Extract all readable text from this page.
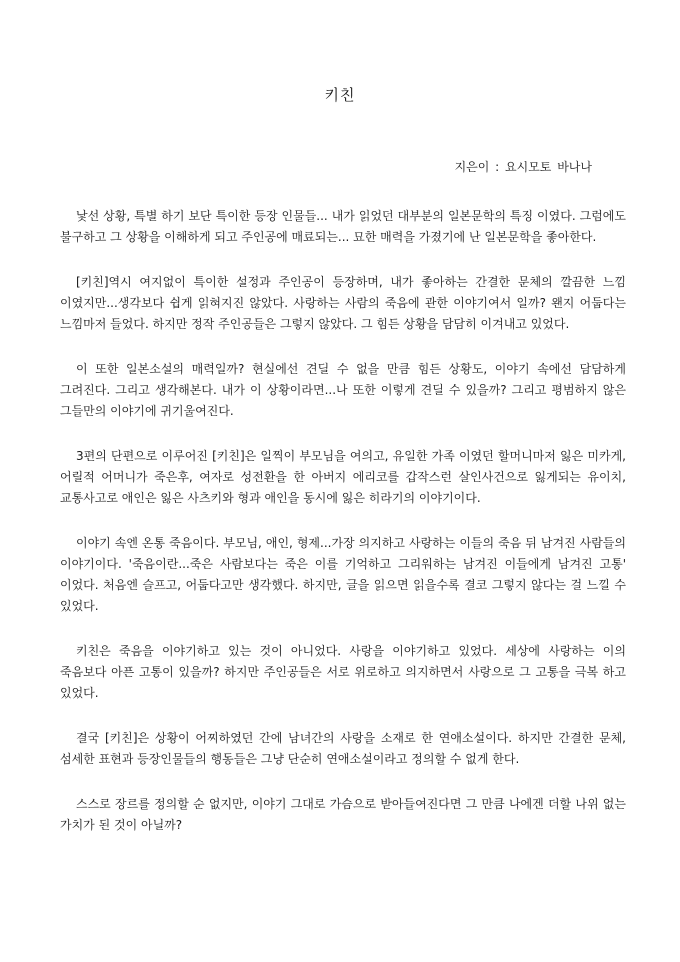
키친
지은이 : 요시모토 바나나

낯선 상황, 특별 하기 보단 특이한 등장 인물들... 내가 읽었던 대부분의 일본문학의 특징 이였다. 그럼에도 불구하고 그 상황을 이해하게 되고 주인공에 매료되는... 묘한 매력을 가졌기에 난 일본문학을 좋아한다.

[키친]역시 여지없이 특이한 설정과 주인공이 등장하며, 내가 좋아하는 간결한 문체의 깔끔한 느낌 이였지만...생각보다 쉽게 읽혀지진 않았다. 사랑하는 사람의 죽음에 관한 이야기여서 일까? 왠지 어둡다는 느낌마저 들었다. 하지만 정작 주인공들은 그렇지 않았다. 그 힘든 상황을 담담히 이겨내고 있었다.

이 또한 일본소설의 매력일까? 현실에선 견딜 수 없을 만큼 힘든 상황도, 이야기 속에선 담담하게 그려진다. 그리고 생각해본다. 내가 이 상황이라면...나 또한 이렇게 견딜 수 있을까? 그리고 평범하지 않은 그들만의 이야기에 귀기울여진다.

3편의 단편으로 이루어진 [키친]은 일찍이 부모님을 여의고, 유일한 가족 이였던 할머니마저 잃은 미카게, 어릴적 어머니가 죽은후, 여자로 성전환을 한 아버지 에리코를 갑작스런 살인사건으로 잃게되는 유이치, 교통사고로 애인은 잃은 사츠키와 형과 애인을 동시에 잃은 히라기의 이야기이다.

이야기 속엔 온통 죽음이다. 부모님, 애인, 형제...가장 의지하고 사랑하는 이들의 죽음 뒤 남겨진 사람들의 이야기이다. '죽음이란...죽은 사람보다는 죽은 이를 기억하고 그리워하는 남겨진 이들에게 남겨진 고통' 이었다. 처음엔 슬프고, 어둡다고만 생각했다. 하지만, 글을 읽으면 읽을수록 결코 그렇지 않다는 걸 느낄 수 있었다.

키친은 죽음을 이야기하고 있는 것이 아니었다. 사랑을 이야기하고 있었다. 세상에 사랑하는 이의 죽음보다 아픈 고통이 있을까? 하지만 주인공들은 서로 위로하고 의지하면서 사랑으로 그 고통을 극복 하고 있었다.

결국 [키친]은 상황이 어찌하였던 간에 남녀간의 사랑을 소재로 한 연애소설이다. 하지만 간결한 문체, 섬세한 표현과 등장인물들의 행동들은 그냥 단순히 연애소설이라고 정의할 수 없게 한다.

스스로 장르를 정의할 순 없지만, 이야기 그대로 가슴으로 받아들여진다면 그 만큼 나에겐 더할 나위 없는 가치가 된 것이 아닐까?
